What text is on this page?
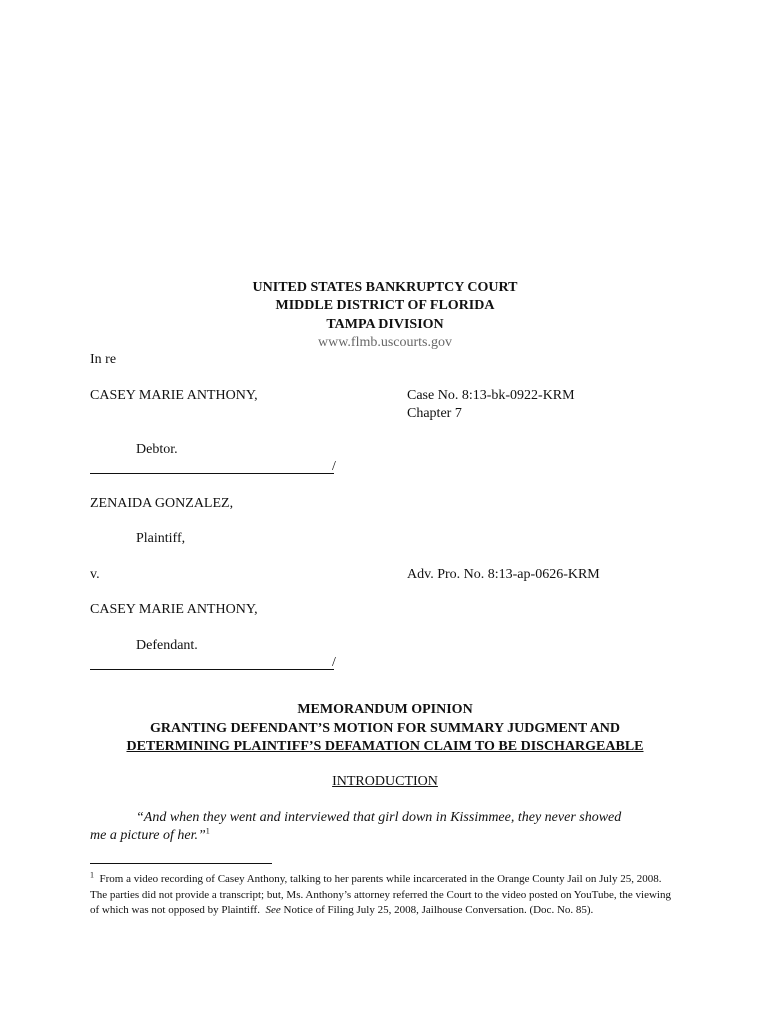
UNITED STATES BANKRUPTCY COURT
MIDDLE DISTRICT OF FLORIDA
TAMPA DIVISION
www.flmb.uscourts.gov
In re
CASEY MARIE ANTHONY,	Case No. 8:13-bk-0922-KRM
Chapter 7
Debtor.
/
ZENAIDA GONZALEZ,
Plaintiff,
v.	Adv. Pro. No. 8:13-ap-0626-KRM
CASEY MARIE ANTHONY,
Defendant.
/
MEMORANDUM OPINION
GRANTING DEFENDANT’S MOTION FOR SUMMARY JUDGMENT AND
DETERMINING PLAINTIFF’S DEFAMATION CLAIM TO BE DISCHARGEABLE
INTRODUCTION
“And when they went and interviewed that girl down in Kissimmee, they never showed
me a picture of her.”$^1$
$^1$ From a video recording of Casey Anthony, talking to her parents while incarcerated in the Orange County Jail on July 25, 2008. The parties did not provide a transcript; but, Ms. Anthony’s attorney referred the Court to the video posted on YouTube, the viewing of which was not opposed by Plaintiff. See Notice of Filing July 25, 2008, Jailhouse Conversation. (Doc. No. 85).
